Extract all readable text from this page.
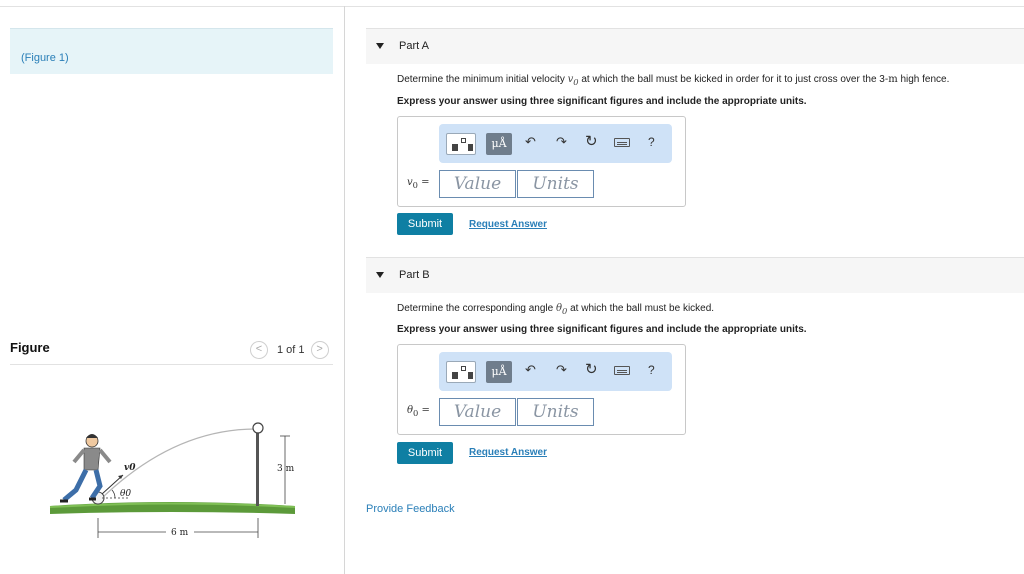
(Figure 1)
Figure	<	1 of 1	>
3 m
v0
θ0
6 m
Part A
Determine the minimum initial velocity $v_0$ at which the ball must be kicked in order for it to just cross over the 3-m high fence.
Express your answer using three significant figures and include the appropriate units.
μÅ	↶ ↷ ↻	?
$v_0$ =	Value	Units
Submit	Request Answer
Part B
Determine the corresponding angle $\theta_0$ at which the ball must be kicked.
Express your answer using three significant figures and include the appropriate units.
μÅ	↶ ↷ ↻	?
$\theta_0$ =	Value	Units
Submit	Request Answer
Provide Feedback
